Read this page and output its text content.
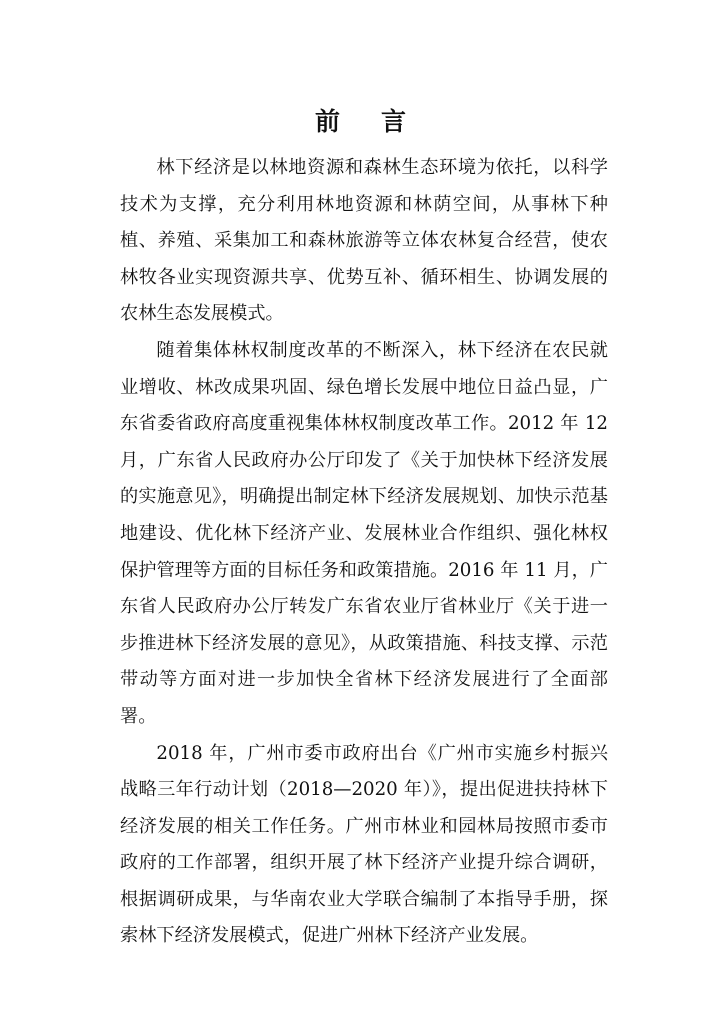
前 言

林下经济是以林地资源和森林生态环境为依托，以科学技术为支撑，充分利用林地资源和林荫空间，从事林下种植、养殖、采集加工和森林旅游等立体农林复合经营，使农林牧各业实现资源共享、优势互补、循环相生、协调发展的农林生态发展模式。

随着集体林权制度改革的不断深入，林下经济在农民就业增收、林改成果巩固、绿色增长发展中地位日益凸显，广东省委省政府高度重视集体林权制度改革工作。2012 年 12 月，广东省人民政府办公厅印发了《关于加快林下经济发展的实施意见》，明确提出制定林下经济发展规划、加快示范基地建设、优化林下经济产业、发展林业合作组织、强化林权保护管理等方面的目标任务和政策措施。2016 年 11 月，广东省人民政府办公厅转发广东省农业厅省林业厅《关于进一步推进林下经济发展的意见》，从政策措施、科技支撑、示范带动等方面对进一步加快全省林下经济发展进行了全面部署。

2018 年，广州市委市政府出台《广州市实施乡村振兴战略三年行动计划（2018—2020 年）》，提出促进扶持林下经济发展的相关工作任务。广州市林业和园林局按照市委市政府的工作部署，组织开展了林下经济产业提升综合调研，根据调研成果，与华南农业大学联合编制了本指导手册，探索林下经济发展模式，促进广州林下经济产业发展。
